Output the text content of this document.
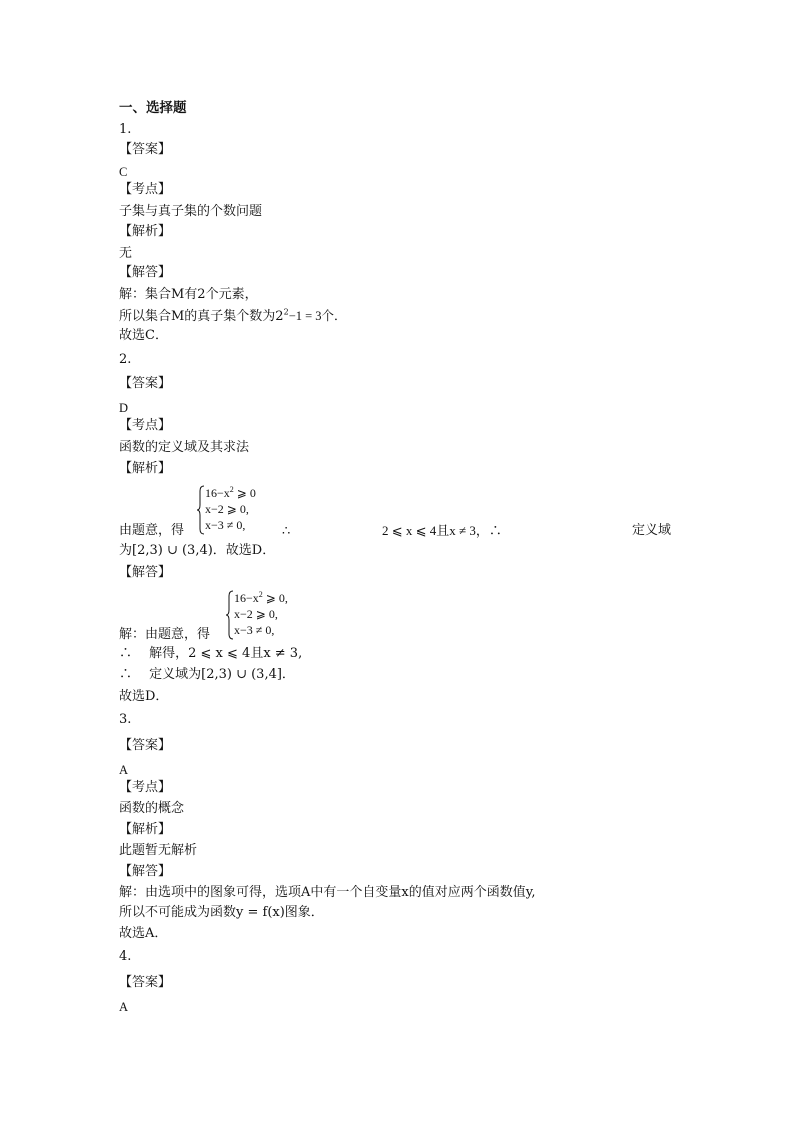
一、选择题
1.
【答案】
C
【考点】
子集与真子集的个数问题
【解析】
无
【解答】
解：集合M有2个元素，
所以集合M的真子集个数为$2^2-1 = 3$个．
故选C．
2.
【答案】
D
【考点】
函数的定义域及其求法
【解析】
$16-x^2$ ⩾ 0
x−2 ⩾ 0,
x−3 ≠ 0,
由题意，得	∴	2 ⩽ x ⩽ 4且x ≠ 3，∴	定义域
为[2,3) ∪ (3,4)．故选D．
【解答】
$16-x^2$ ⩾ 0,
x−2 ⩾ 0,
x−3 ≠ 0,
解：由题意，得
∴ 　解得，2 ⩽ x ⩽ 4且x ≠ 3,
∴ 　定义域为[2,3) ∪ (3,4]．
故选D．
3.
【答案】
A
【考点】
函数的概念
【解析】
此题暂无解析
【解答】
解：由选项中的图象可得，选项A中有一个自变量x的值对应两个函数值y,
所以不可能成为函数y = f(x)图象．
故选A．
4.
【答案】
A
